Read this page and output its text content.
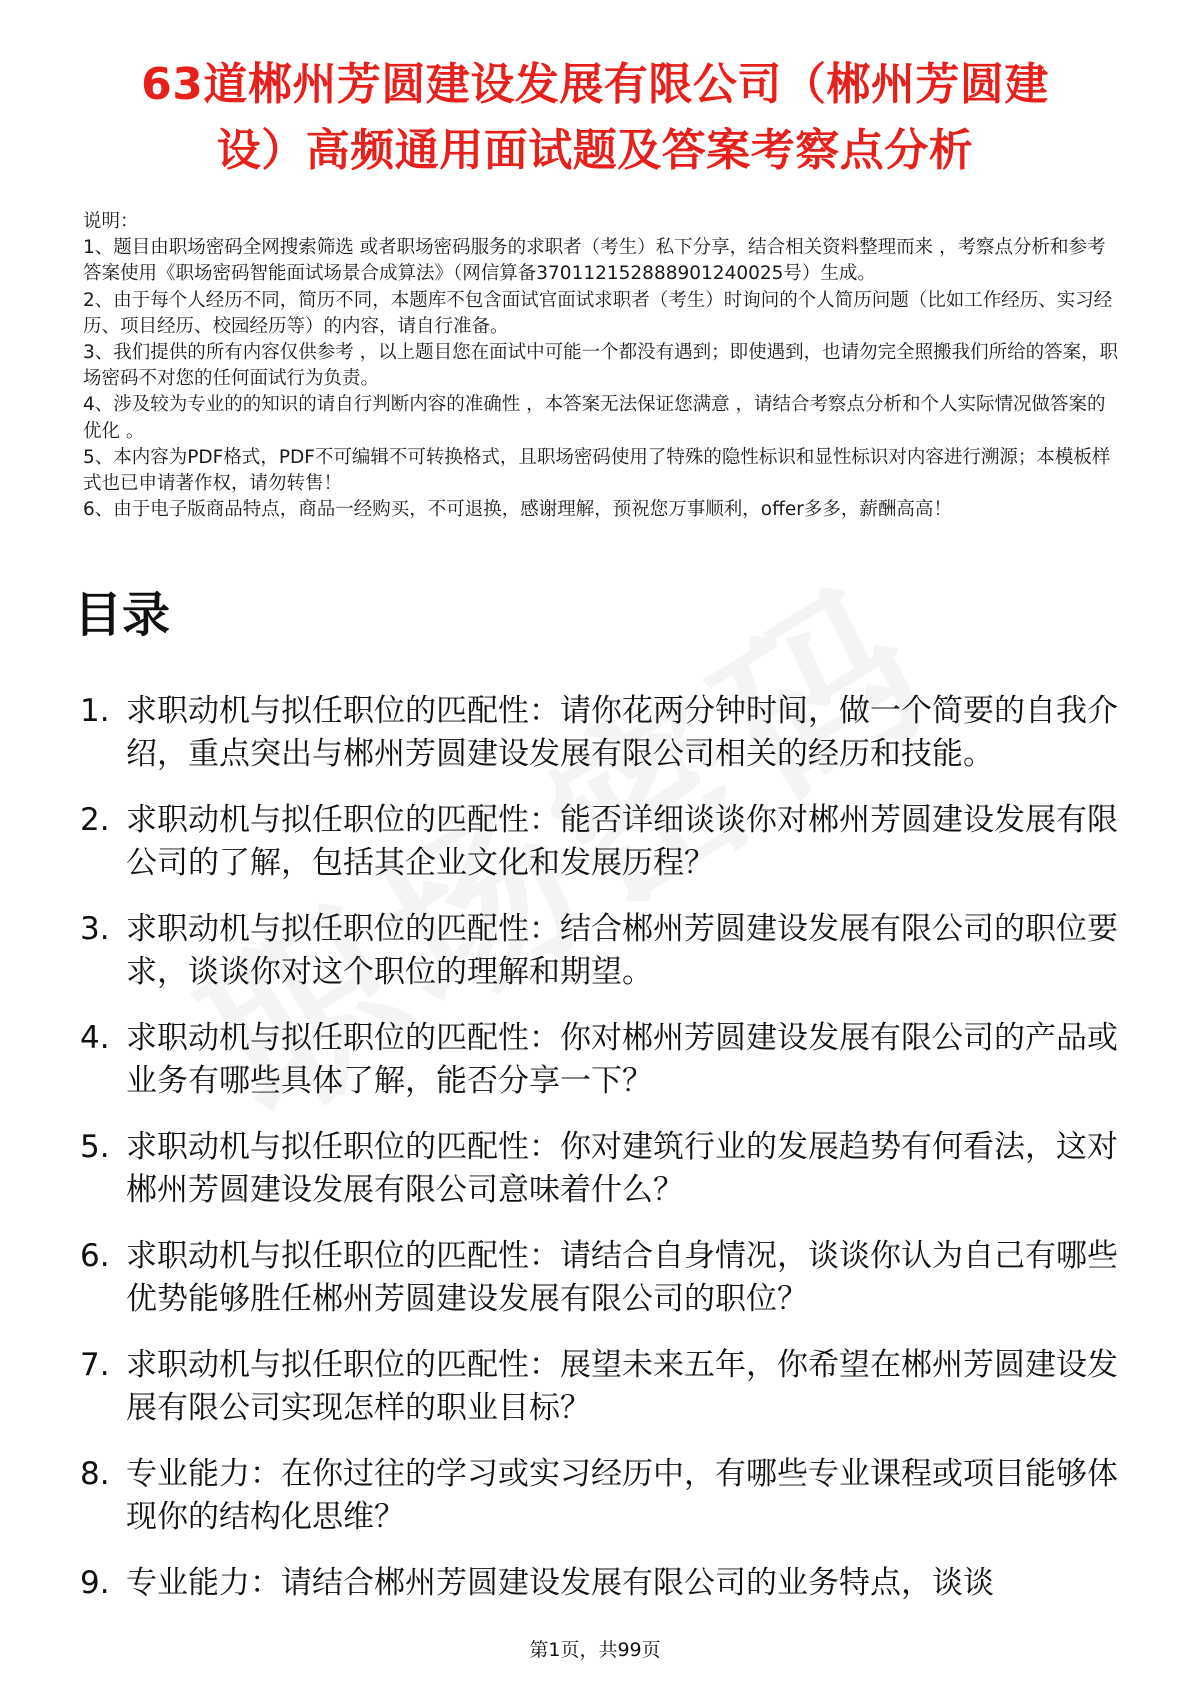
63道郴州芳圆建设发展有限公司（郴州芳圆建
设）高频通用面试题及答案考察点分析

说明：

1、题目由职场密码全网搜索筛选 或者职场密码服务的求职者（考生）私下分享，结合相关资料整理而来 ，考察点分析和参考答案使用《职场密码智能面试场景合成算法》（网信算备370112152888901240025号）生成。

2、由于每个人经历不同，简历不同，本题库不包含面试官面试求职者（考生）时询问的个人简历问题（比如工作经历、实习经历、项目经历、校园经历等）的内容，请自行准备。

3、我们提供的所有内容仅供参考 ，以上题目您在面试中可能一个都没有遇到；即使遇到，也请勿完全照搬我们所给的答案，职场密码不对您的任何面试行为负责。

4、涉及较为专业的的知识的请自行判断内容的准确性 ，本答案无法保证您满意 ，请结合考察点分析和个人实际情况做答案的优化 。

5、本内容为PDF格式，PDF不可编辑不可转换格式，且职场密码使用了特殊的隐性标识和显性标识对内容进行溯源；本模板样式也已申请著作权，请勿转售！

6、由于电子版商品特点，商品一经购买，不可退换，感谢理解，预祝您万事顺利，offer多多，薪酬高高！

目录
1. 求职动机与拟任职位的匹配性：请你花两分钟时间，做一个简要的自我介绍，重点突出与郴州芳圆建设发展有限公司相关的经历和技能。
2. 求职动机与拟任职位的匹配性：能否详细谈谈你对郴州芳圆建设发展有限公司的了解，包括其企业文化和发展历程？
3. 求职动机与拟任职位的匹配性：结合郴州芳圆建设发展有限公司的职位要求，谈谈你对这个职位的理解和期望。
4. 求职动机与拟任职位的匹配性：你对郴州芳圆建设发展有限公司的产品或业务有哪些具体了解，能否分享一下？
5. 求职动机与拟任职位的匹配性：你对建筑行业的发展趋势有何看法，这对郴州芳圆建设发展有限公司意味着什么？
6. 求职动机与拟任职位的匹配性：请结合自身情况，谈谈你认为自己有哪些优势能够胜任郴州芳圆建设发展有限公司的职位？
7. 求职动机与拟任职位的匹配性：展望未来五年，你希望在郴州芳圆建设发展有限公司实现怎样的职业目标？
8. 专业能力：在你过往的学习或实习经历中，有哪些专业课程或项目能够体现你的结构化思维？
9. 专业能力：请结合郴州芳圆建设发展有限公司的业务特点，谈谈
第1页，共99页
